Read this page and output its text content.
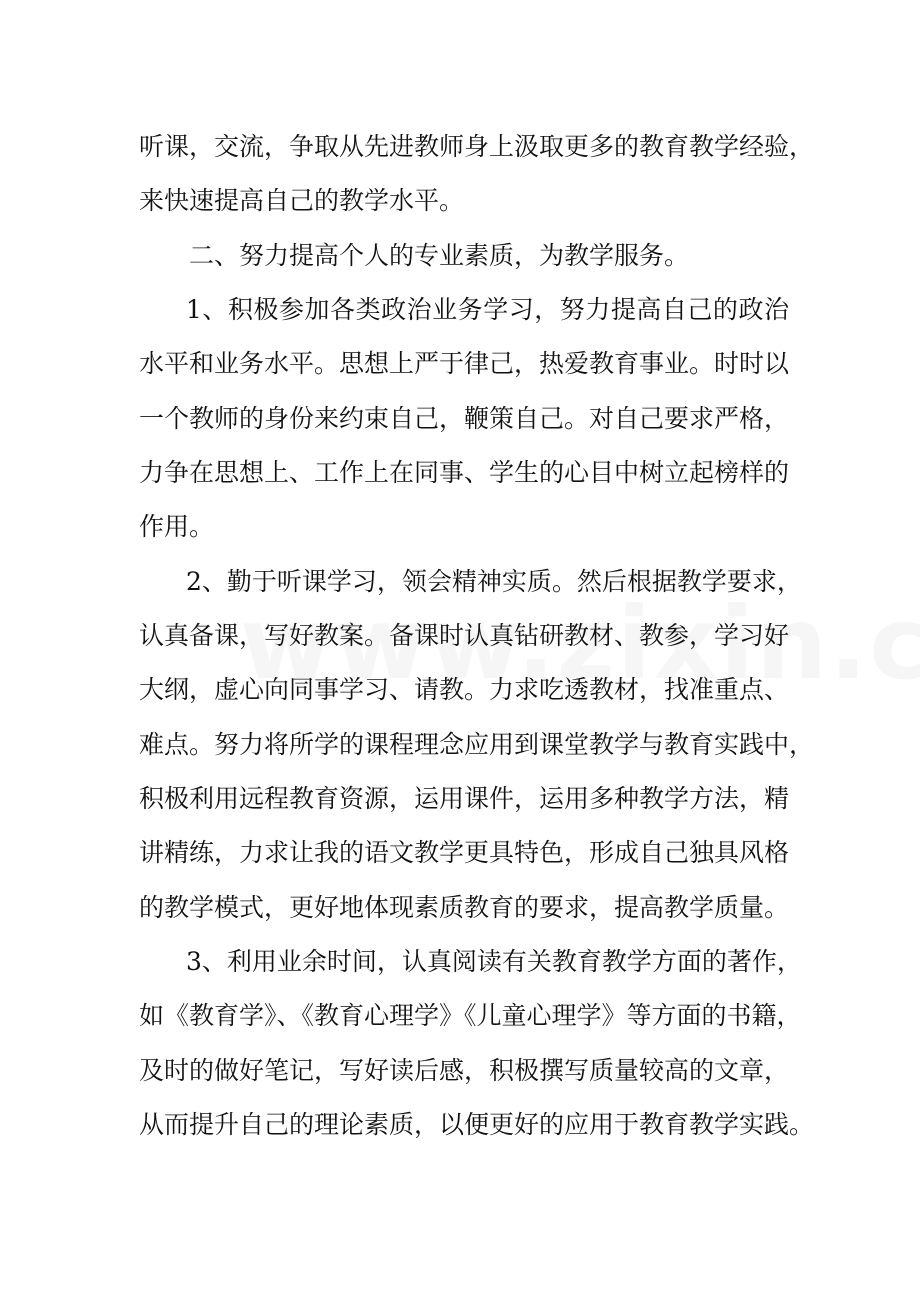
听课，交流，争取从先进教师身上汲取更多的教育教学经验，
来快速提高自己的教学水平。
二、努力提高个人的专业素质，为教学服务。
1、积极参加各类政治业务学习，努力提高自己的政治
水平和业务水平。思想上严于律己，热爱教育事业。时时以
一个教师的身份来约束自己，鞭策自己。对自己要求严格，
力争在思想上、工作上在同事、学生的心目中树立起榜样的
作用。
2、勤于听课学习，领会精神实质。然后根据教学要求，
认真备课，写好教案。备课时认真钻研教材、教参，学习好
大纲，虚心向同事学习、请教。力求吃透教材，找准重点、
难点。努力将所学的课程理念应用到课堂教学与教育实践中，
积极利用远程教育资源，运用课件，运用多种教学方法，精
讲精练，力求让我的语文教学更具特色，形成自己独具风格
的教学模式，更好地体现素质教育的要求，提高教学质量。
3、利用业余时间，认真阅读有关教育教学方面的著作，
如《教育学》、《教育心理学》《儿童心理学》等方面的书籍，
及时的做好笔记，写好读后感，积极撰写质量较高的文章，
从而提升自己的理论素质，以便更好的应用于教育教学实践。
